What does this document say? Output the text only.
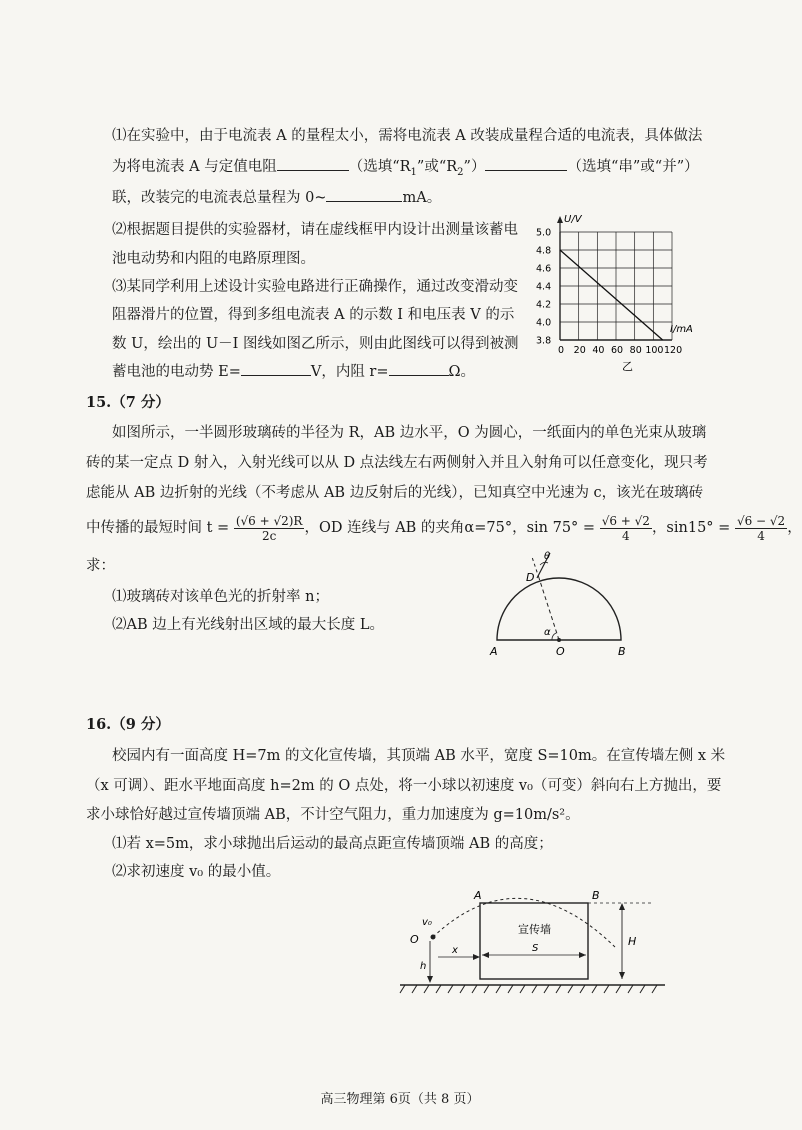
⑴在实验中，由于电流表 A 的量程太小，需将电流表 A 改装成量程合适的电流表，具体做法
为将电流表 A 与定值电阻	（选填“$R_1$”或“$R_2$”）	（选填“串”或“并”）
联，改装完的电流表总量程为 0~	mA。
⑵根据题目提供的实验器材，请在虚线框甲内设计出测量该蓄电
池电动势和内阻的电路原理图。
⑶某同学利用上述设计实验电路进行正确操作，通过改变滑动变
阻器滑片的位置，得到多组电流表 A 的示数 I 和电压表 V 的示
数 U，绘出的 U－I 图线如图乙所示，则由此图线可以得到被测
蓄电池的电动势 E=	V，内阻 r=	Ω。
0 20 40 60 80 100 120
3.8
4.0
4.2
4.4
4.6
4.8
5.0
U/V
I/mA
乙
15.（7 分）
如图所示，一半圆形玻璃砖的半径为 R，AB 边水平，O 为圆心，一纸面内的单色光束从玻璃
砖的某一定点 D 射入，入射光线可以从 D 点法线左右两侧射入并且入射角可以任意变化，现只考
虑能从 AB 边折射的光线（不考虑从 AB 边反射后的光线），已知真空中光速为 c，该光在玻璃砖
中传播的最短时间 $t = \frac{(√6 + √2)R}{2c}$ ，OD 连线与 AB 的夹角α=75°，$\sin 75^\circ = \frac{√6 + √2}{4}$ ，$\sin 15^\circ = \frac{√6 - √2}{4}$ ，
求：
⑴玻璃砖对该单色光的折射率 n；
⑵AB 边上有光线射出区域的最大长度 L。
A	O	B
D
α
θ
16.（9 分）
校园内有一面高度 H=7m 的文化宣传墙，其顶端 AB 水平，宽度 S=10m。在宣传墙左侧 x 米
（x 可调）、距水平地面高度 h=2m 的 O 点处，将一小球以初速度 v₀（可变）斜向右上方抛出，要
求小球恰好越过宣传墙顶端 AB，不计空气阻力，重力加速度为 g=10m/s²。
⑴若 x=5m，求小球抛出后运动的最高点距宣传墙顶端 AB 的高度；
⑵求初速度 v₀ 的最小值。
A	B
O
v₀
宣传墙
S
x
H
h
高三物理第 6页（共 8 页）
